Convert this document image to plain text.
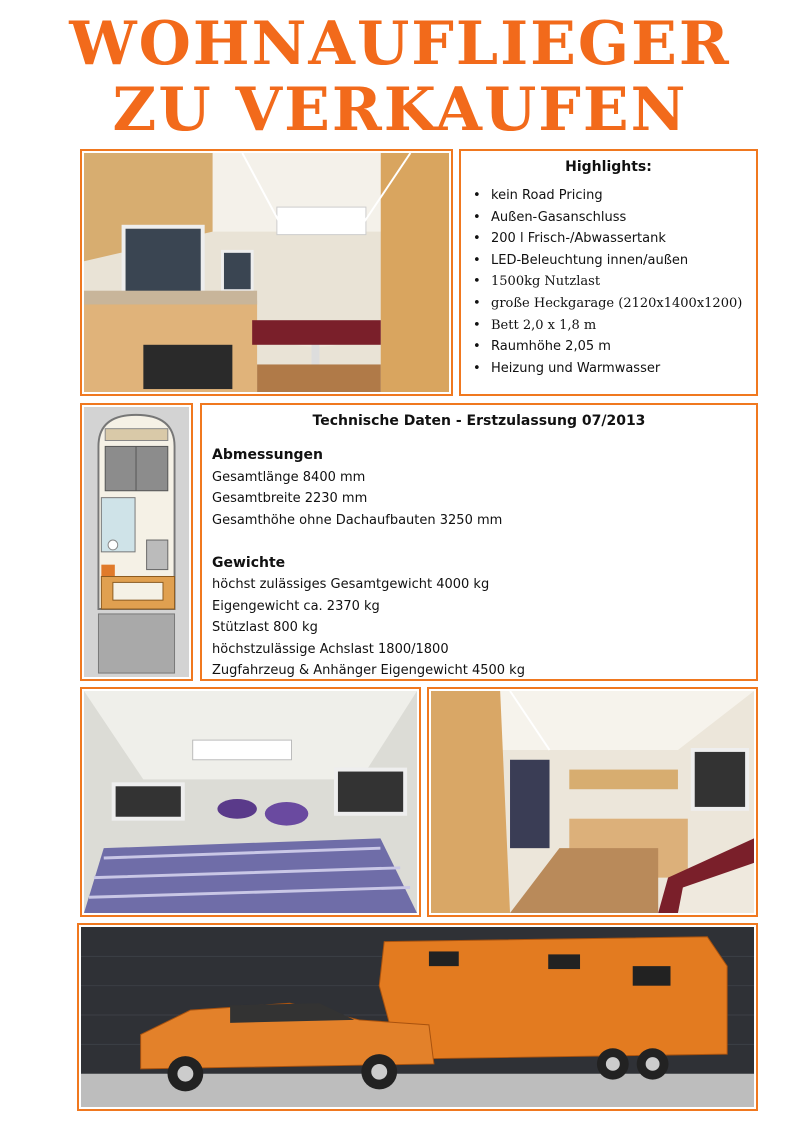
WOHNAUFLIEGER
ZU VERKAUFEN
Highlights:
• kein Road Pricing
• Außen-Gasanschluss
• 200 l Frisch-/Abwassertank
• LED-Beleuchtung innen/außen
• 1500kg Nutzlast
• große Heckgarage (2120x1400x1200)
• Bett 2,0 x 1,8 m
• Raumhöhe 2,05 m
• Heizung und Warmwasser
Technische Daten - Erstzulassung 07/2013
Abmessungen
Gesamtlänge 8400 mm
Gesamtbreite 2230 mm
Gesamthöhe ohne Dachaufbauten 3250 mm
Gewichte
höchst zulässiges Gesamtgewicht 4000 kg
Eigengewicht ca. 2370 kg
Stützlast 800 kg
höchstzulässige Achslast 1800/1800
Zugfahrzeug & Anhänger Eigengewicht 4500 kg
